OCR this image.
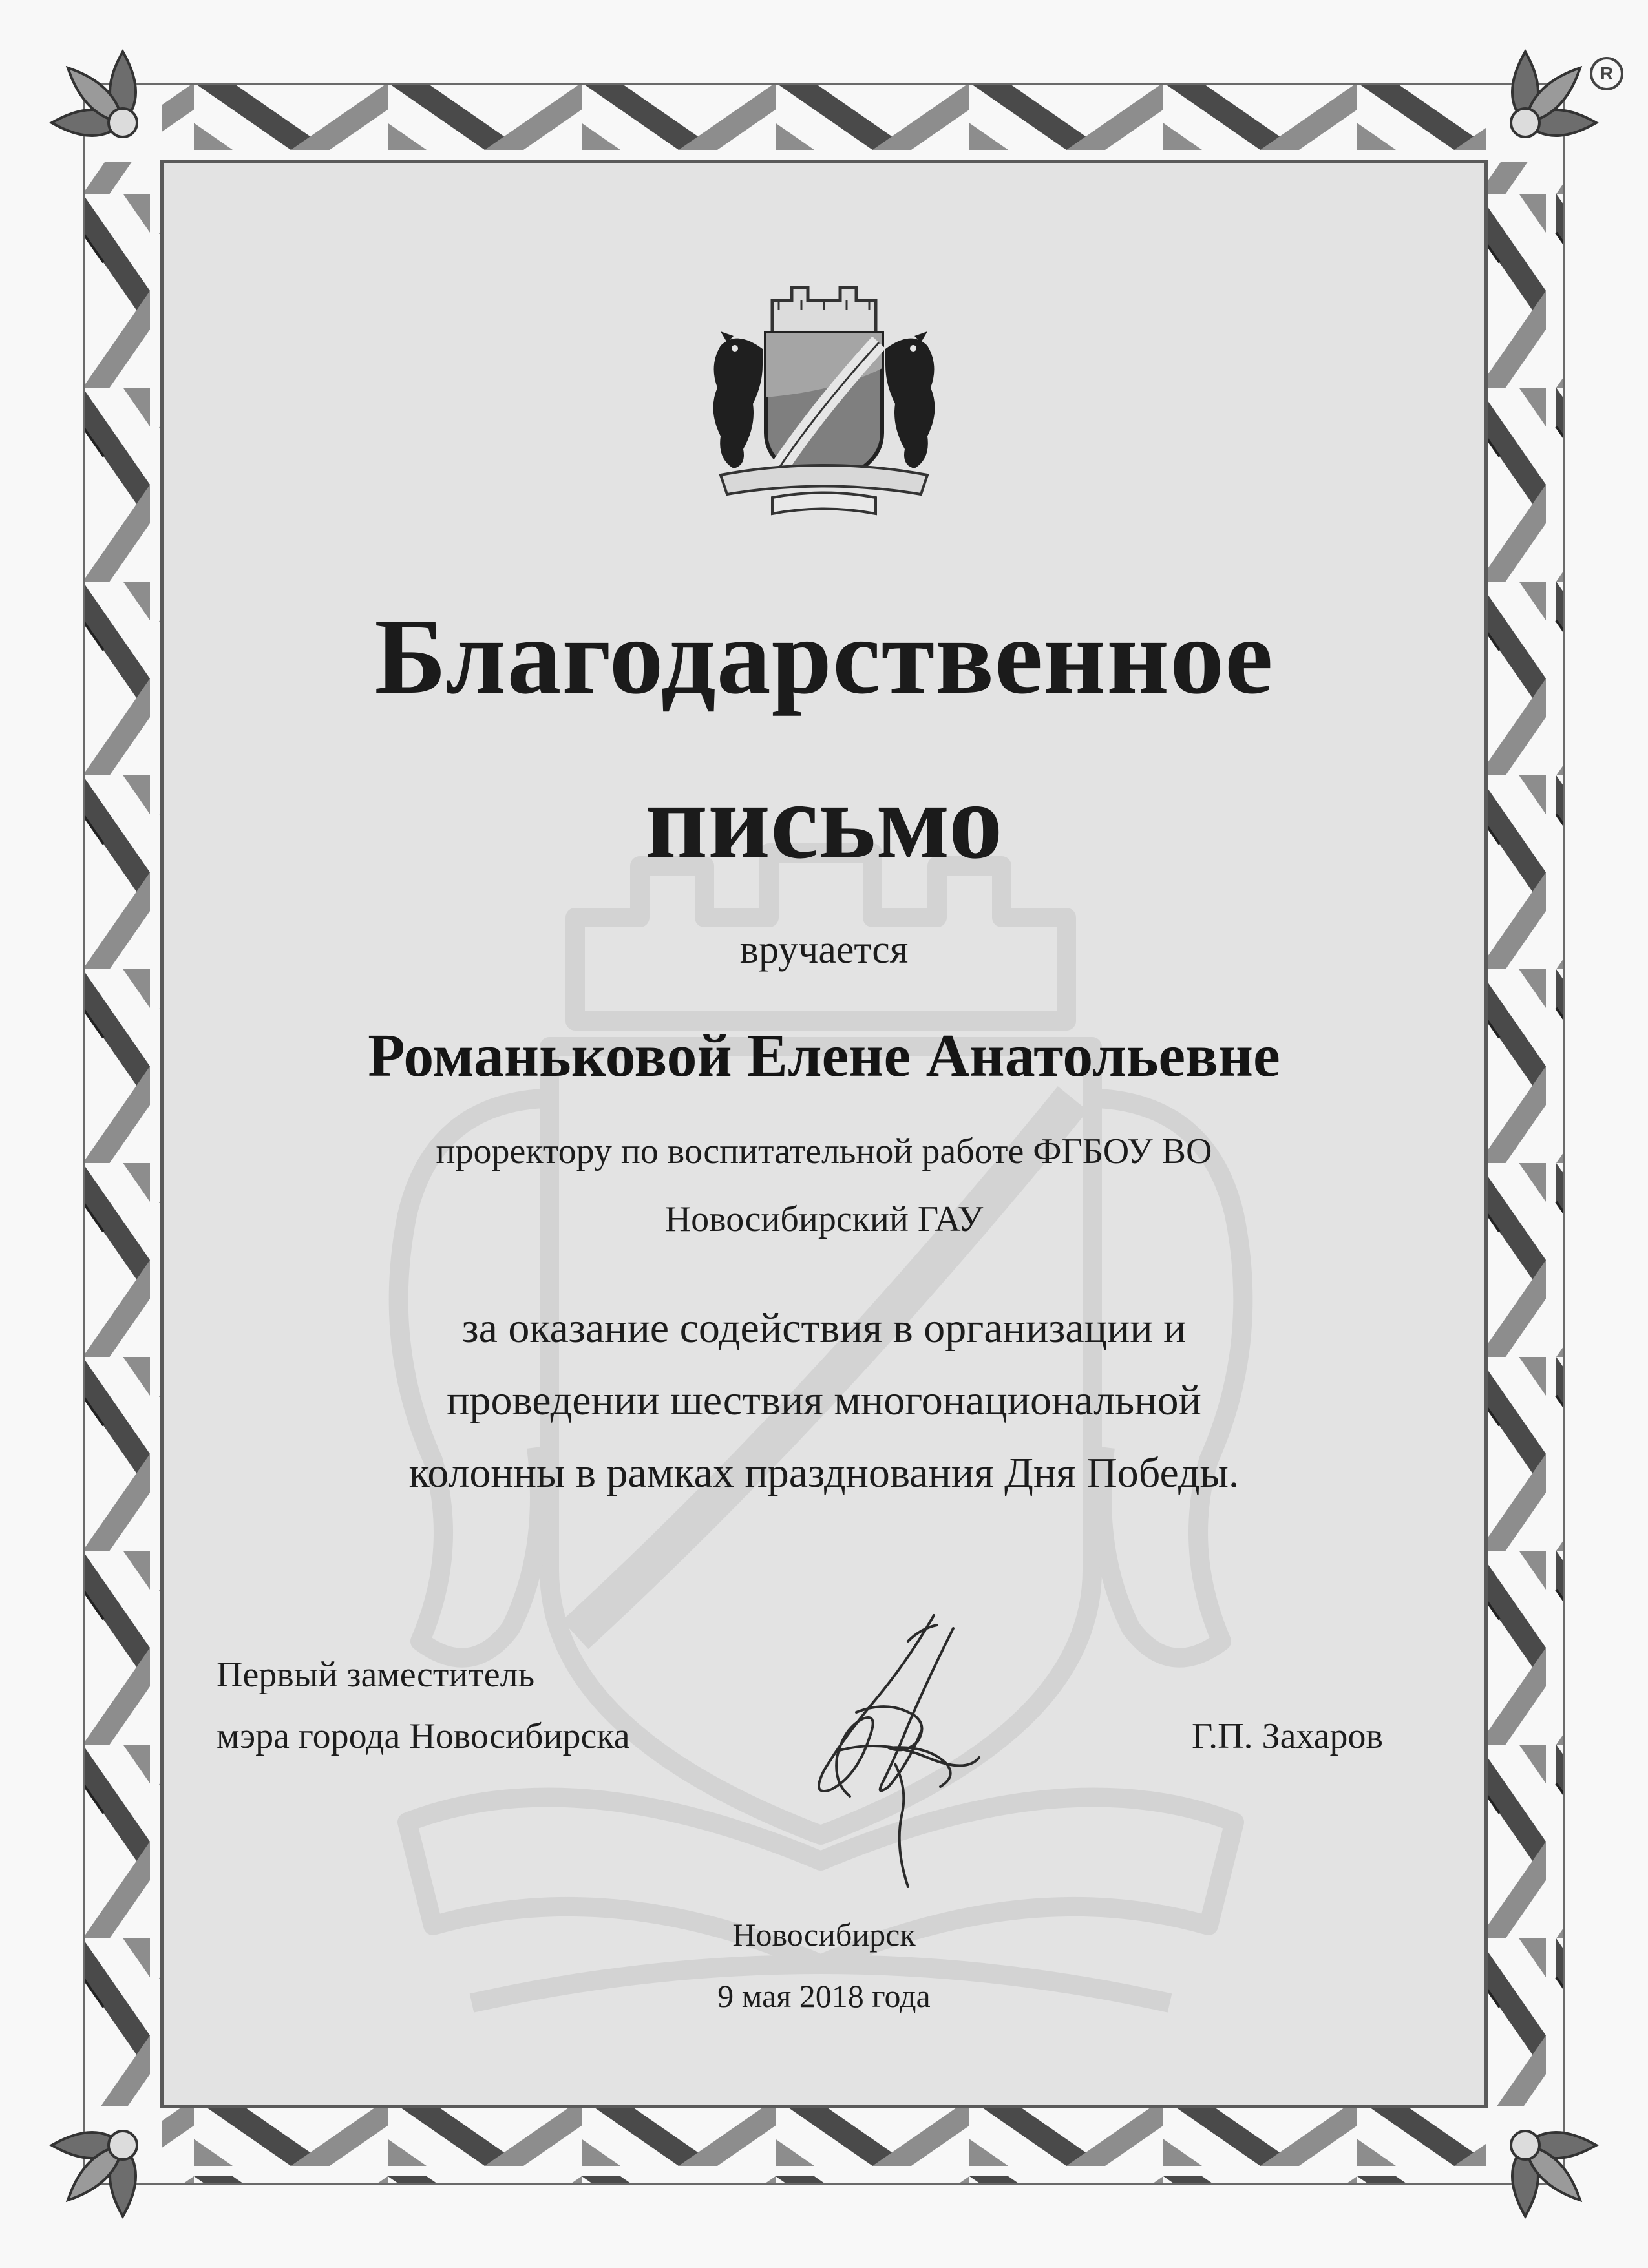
R
Благодарственное
письмо
вручается
Романьковой Елене Анатольевне
проректору по воспитательной работе ФГБОУ ВО
Новосибирский ГАУ
за оказание содействия в организации и
проведении шествия многонациональной
колонны в рамках празднования Дня Победы.
Первый заместитель
мэра города Новосибирска	Г.П. Захаров
Новосибирск
9 мая 2018 года
